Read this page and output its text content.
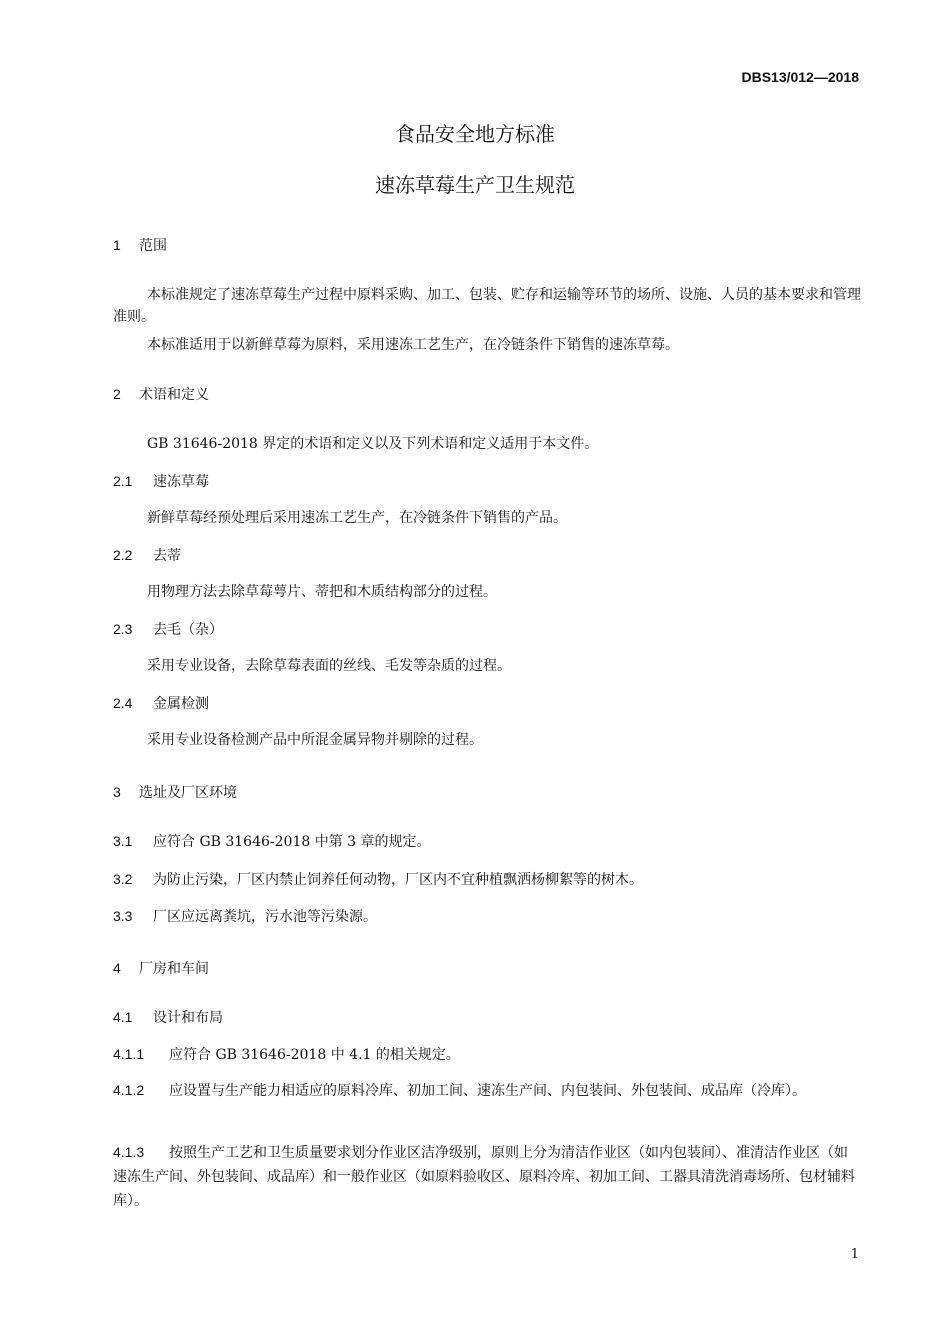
DBS13/012—2018
食品安全地方标准
速冻草莓生产卫生规范
1 范围

本标准规定了速冻草莓生产过程中原料采购、加工、包装、贮存和运输等环节的场所、设施、人员的基本要求和管理准则。

本标准适用于以新鲜草莓为原料，采用速冻工艺生产，在冷链条件下销售的速冻草莓。

2 术语和定义

GB 31646-2018 界定的术语和定义以及下列术语和定义适用于本文件。

2.1 速冻草莓

新鲜草莓经预处理后采用速冻工艺生产，在冷链条件下销售的产品。

2.2 去蒂

用物理方法去除草莓萼片、蒂把和木质结构部分的过程。

2.3 去毛（杂）

采用专业设备，去除草莓表面的丝线、毛发等杂质的过程。

2.4 金属检测

采用专业设备检测产品中所混金属异物并剔除的过程。

3 选址及厂区环境
3.1 应符合 GB 31646-2018 中第 3 章的规定。
3.2 为防止污染，厂区内禁止饲养任何动物，厂区内不宜种植飘洒杨柳絮等的树木。
3.3 厂区应远离粪坑，污水池等污染源。
4 厂房和车间
4.1 设计和布局
4.1.1 应符合 GB 31646-2018 中 4.1 的相关规定。

4.1.2 应设置与生产能力相适应的原料冷库、初加工间、速冻生产间、内包装间、外包装间、成品库（冷库）。

4.1.3 按照生产工艺和卫生质量要求划分作业区洁净级别，原则上分为清洁作业区（如内包装间）、准清洁作业区（如速冻生产间、外包装间、成品库）和一般作业区（如原料验收区、原料冷库、初加工间、工器具清洗消毒场所、包材辅料库）。

1
